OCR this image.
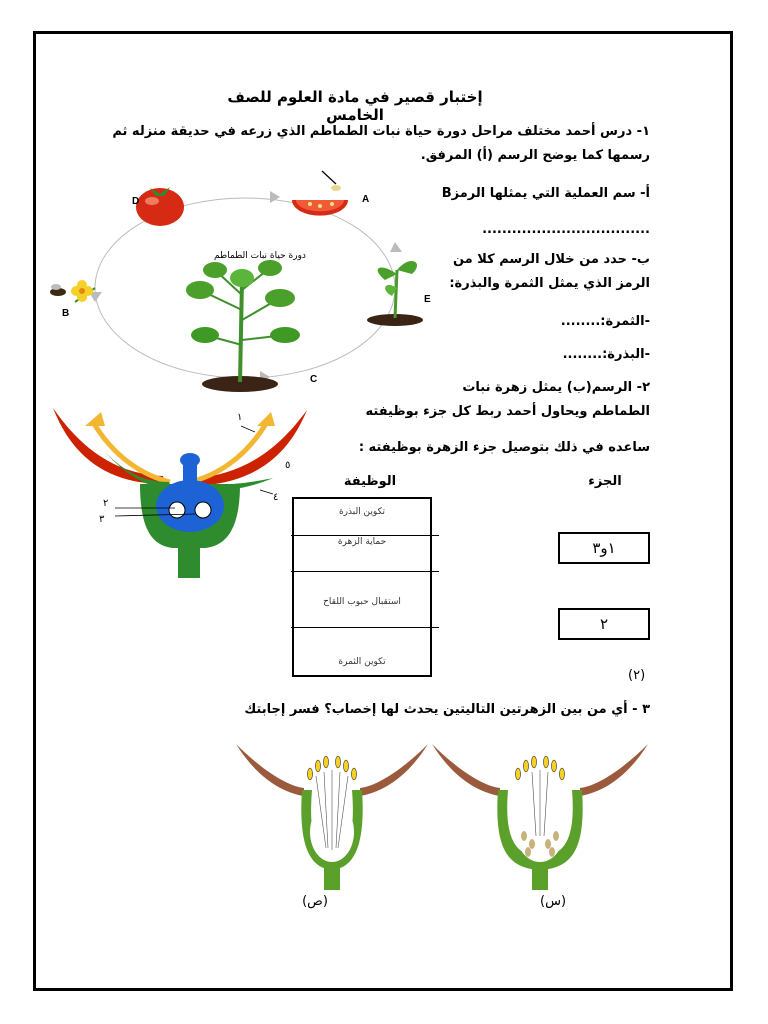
إختبار قصير في مادة العلوم للصف الخامس
١- درس أحمد مختلف مراحل دورة حياة نبات الطماطم الذي زرعه في حديقة منزله ثم
رسمها كما يوضح الرسم (أ) المرفق.
أ- سم العملية التي يمثلها الرمزB
..................................
ب- حدد من خلال الرسم كلا من
الرمز الذي يمثل الثمرة والبذرة:
-الثمرة:........
-البذرة:........
D	A
E
C
B
دورة حياة نبات الطماطم
٢- الرسم(ب) يمثل زهرة نبات
الطماطم ويحاول أحمد ربط كل جزء بوظيفته
ساعده في ذلك بتوصيل جزء الزهرة بوظيفته :
الوظيفة	الجزء
١
٢
٣
٤
٥
تكوين البذرة
حماية الزهرة
استقبال حبوب اللقاح
تكوين الثمرة
١و٣
٢
(٢)
٣ - أي من بين الزهرتين التاليتين يحدث لها إخصاب؟ فسر إجابتك
(ص)	(س)
